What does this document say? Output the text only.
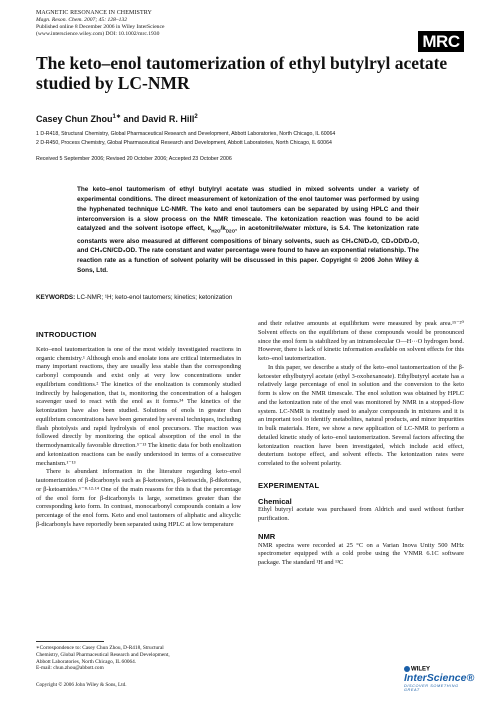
MAGNETIC RESONANCE IN CHEMISTRY
Magn. Reson. Chem. 2007; 45: 128–132
Published online 8 December 2006 in Wiley InterScience
(www.interscience.wiley.com) DOI: 10.1002/mrc.1930	MRC
The keto–enol tautomerization of ethyl butylryl acetate studied by LC-NMR
Casey Chun Zhou$^{1∗}$ and David R. Hill$^2$
1 D-R418, Structural Chemistry, Global Pharmaceutical Research and Development, Abbott Laboratories, North Chicago, IL 60064
2 D-R450, Process Chemistry, Global Pharmaceutical Research and Development, Abbott Laboratories, North Chicago, IL 60064
Received 5 September 2006; Revised 20 October 2006; Accepted 23 October 2006

The keto–enol tautomerism of ethyl butylryl acetate was studied in mixed solvents under a variety of experimental conditions. The direct measurement of ketonization of the enol tautomer was performed by using the hyphenated technique LC-NMR. The keto and enol tautomers can be separated by using HPLC and their interconversion is a slow process on the NMR timescale. The ketonization reaction was found to be acid catalyzed and the solvent isotope effect, $k_{H2O}/k_{D2O}$, in acetonitrile/water mixture, is 5.4. The ketonization rate constants were also measured at different compositions of binary solvents, such as CH₃CN/D₂O, CD₃OD/D₂O, and CH₃CN/CD₃OD. The rate constant and water percentage were found to have an exponential relationship. The reaction rate as a function of solvent polarity will be discussed in this paper. Copyright © 2006 John Wiley & Sons, Ltd.

KEYWORDS: LC-NMR; ¹H; keto-enol tautomers; kinetics; ketonization
INTRODUCTION

Keto–enol tautomerization is one of the most widely investigated reactions in organic chemistry.¹ Although enols and enolate ions are critical intermediates in many important reactions, they are usually less stable than the corresponding carbonyl compounds and exist only at very low concentrations under equilibrium conditions.² The kinetics of the enolization is commonly studied indirectly by halogenation, that is, monitoring the concentration of a halogen scavenger used to react with the enol as it forms.³⁴ The kinetics of the ketonization have also been studied. Solutions of enols in greater than equilibrium concentrations have been generated by several techniques, including flash photolysis and rapid hydrolysis of enol precursors. The reaction was followed directly by monitoring the optical absorption of the enol in the thermodynamically favorable direction.⁵⁻¹³ The kinetic data for both enolization and ketonization reactions can be easily understood in terms of a consecutive mechanism.¹⁻¹³

There is abundant information in the literature regarding keto–enol tautomerization of β-dicarbonyls such as β-ketoesters, β-ketoacids, β-diketones, or β-ketoamides.⁶⁻⁸·¹²·¹⁴ One of the main reasons for this is that the percentage of the enol form for β-dicarbonyls is large, sometimes greater than the corresponding keto form. In contrast, monocarbonyl compounds contain a low percentage of the enol form. Keto and enol tautomers of aliphatic and alicyclic β-dicarbonyls have reportedly been separated using HPLC at low temperature

and their relative amounts at equilibrium were measured by peak area.¹⁵⁻²⁰ Solvent effects on the equilibrium of these compounds would be pronounced since the enol form is stabilized by an intramolecular O—H···O hydrogen bond. However, there is lack of kinetic information available on solvent effects for this keto–enol tautomerization.

In this paper, we describe a study of the keto–enol tautomerization of the β-ketoester ethylbutyryl acetate (ethyl 3-oxohexanoate). Ethylbutyryl acetate has a relatively large percentage of enol in solution and the conversion to the keto form is slow on the NMR timescale. The enol solution was obtained by HPLC and the ketonization rate of the enol was monitored by NMR in a stopped-flow system. LC-NMR is routinely used to analyze compounds in mixtures and it is an important tool to identify metabolites, natural products, and minor impurities in bulk materials. Here, we show a new application of LC-NMR to perform a detailed kinetic study of keto–enol tautomerization. Several factors affecting the ketonization reaction have been investigated, which include acid effect, deuterium isotope effect, and solvent effects. The ketonization rates were correlated to the solvent polarity.

EXPERIMENTAL
Chemical

Ethyl butyryl acetate was purchased from Aldrich and used without further purification.

NMR

NMR spectra were recorded at 25 °C on a Varian Inova Unity 500 MHz spectrometer equipped with a cold probe using the VNMR 6.1C software package. The standard ¹H and ¹³C

∗Correspondence to: Casey Chun Zhou, D-R418, Structural
Chemistry, Global Pharmaceutical Research and Development,
Abbott Laboratories, North Chicago, IL 60064.
E-mail: chun.zhou@abbott.com
Copyright © 2006 John Wiley & Sons, Ltd.
WILEY
InterScience®
DISCOVER SOMETHING GREAT
